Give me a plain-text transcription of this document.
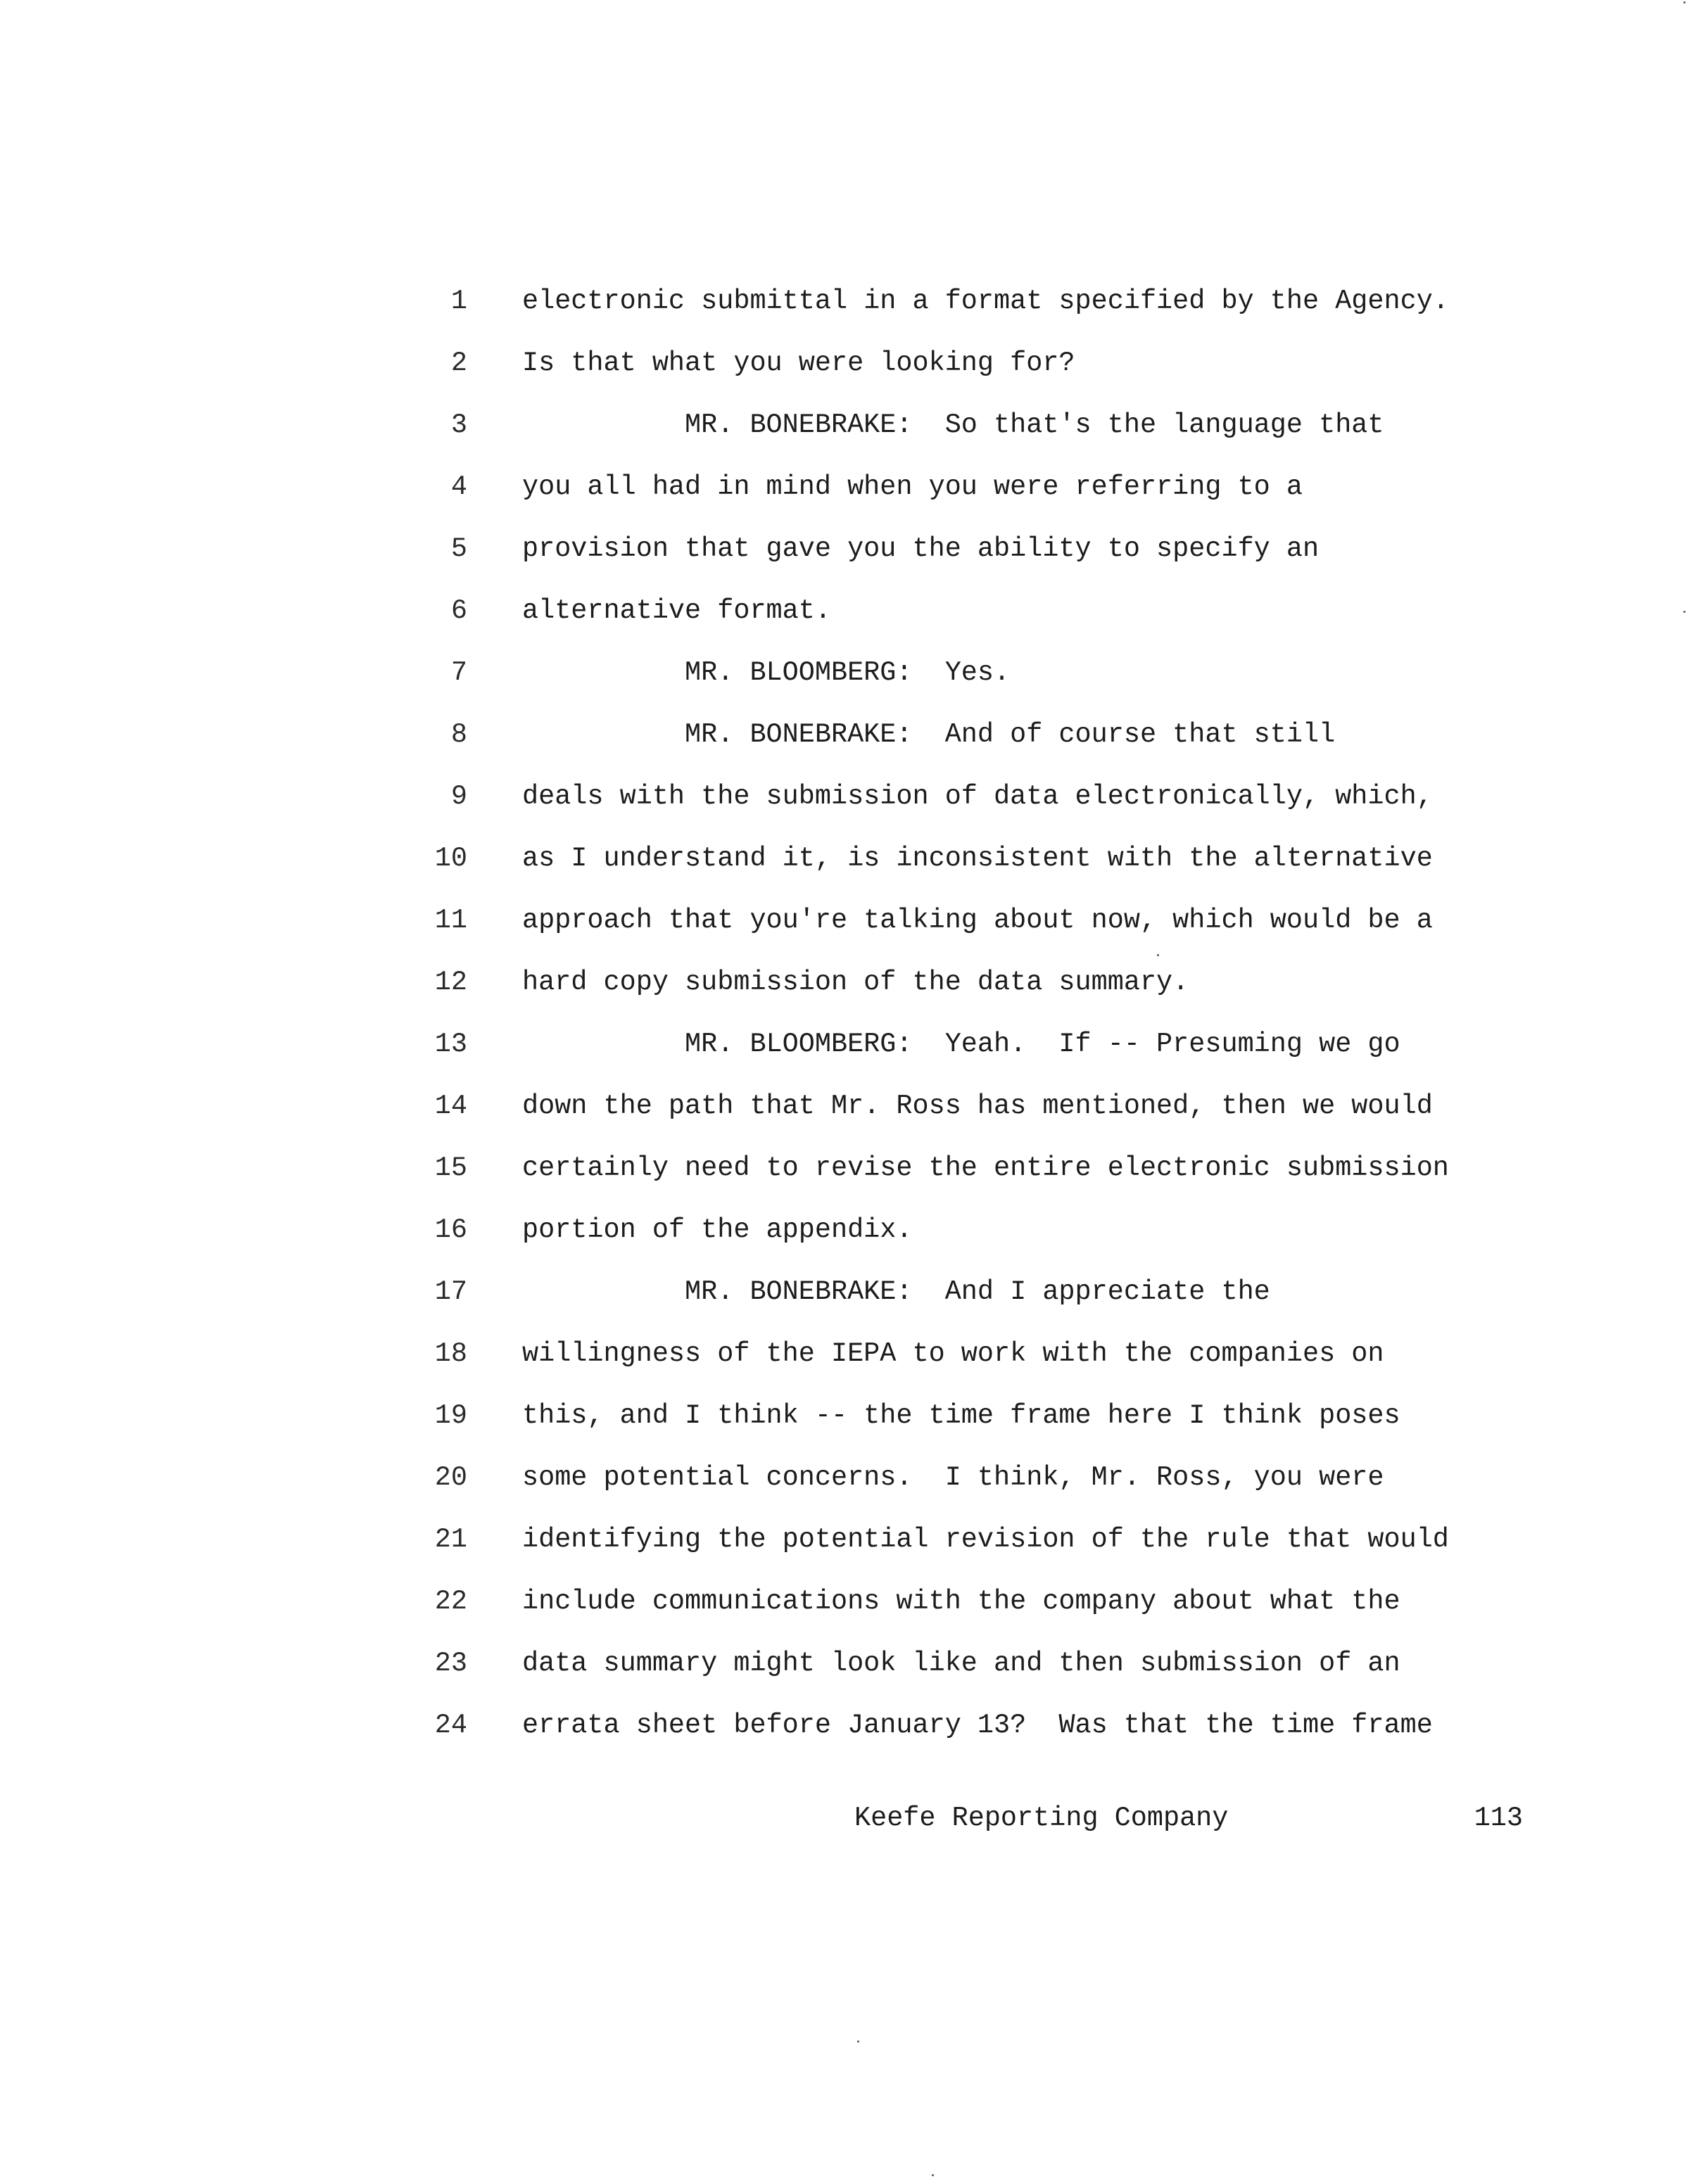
1

electronic submittal in a format specified by the Agency.

2

Is that what you were looking for?

3

MR. BONEBRAKE:  So that's the language that

4

you all had in mind when you were referring to a

5

provision that gave you the ability to specify an

6

alternative format.

7

MR. BLOOMBERG:  Yes.

8

MR. BONEBRAKE:  And of course that still

9

deals with the submission of data electronically, which,

10

as I understand it, is inconsistent with the alternative

11

approach that you're talking about now, which would be a

12

hard copy submission of the data summary.

13

MR. BLOOMBERG:  Yeah.  If -- Presuming we go

14

down the path that Mr. Ross has mentioned, then we would

15

certainly need to revise the entire electronic submission

16

portion of the appendix.

17

MR. BONEBRAKE:  And I appreciate the

18

willingness of the IEPA to work with the companies on

19

this, and I think -- the time frame here I think poses

20

some potential concerns.  I think, Mr. Ross, you were

21

identifying the potential revision of the rule that would

22

include communications with the company about what the

23

data summary might look like and then submission of an

24

errata sheet before January 13?  Was that the time frame

Keefe Reporting Company	113
